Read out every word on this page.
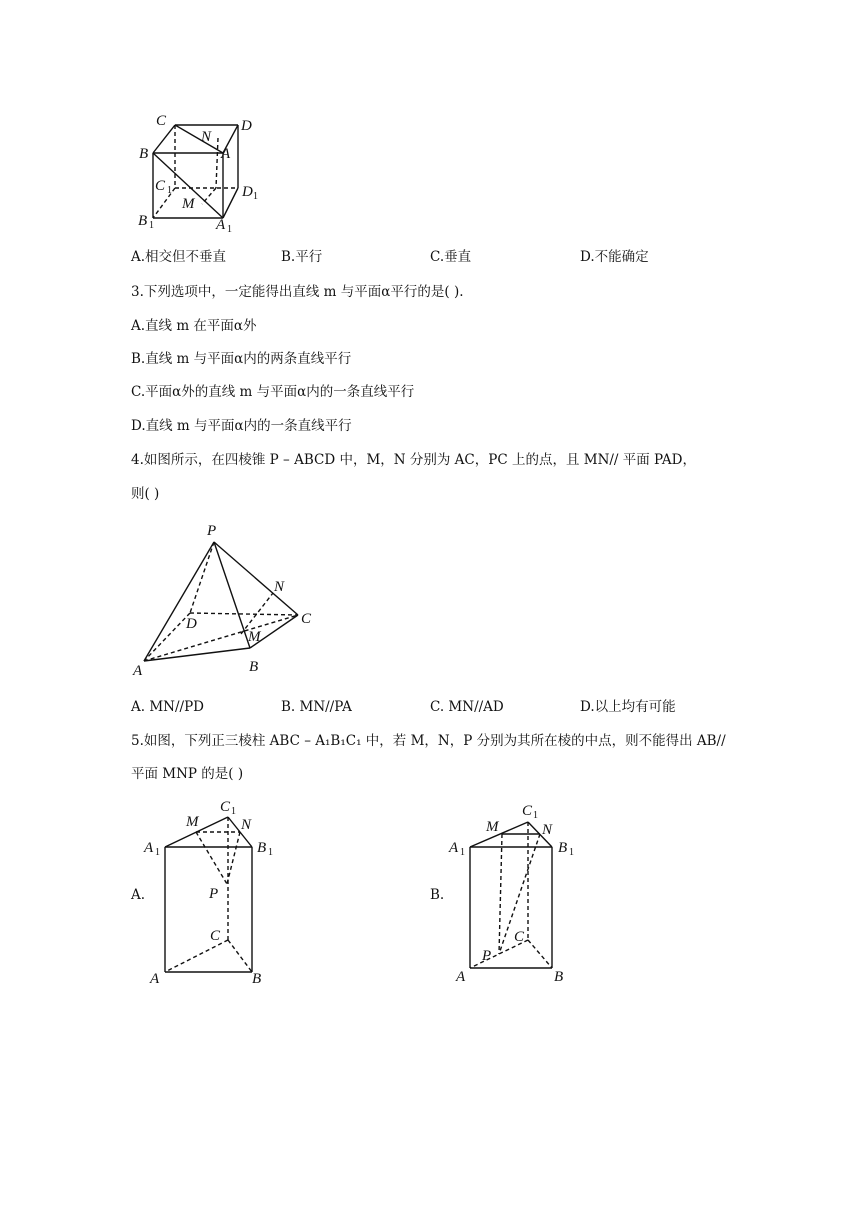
C
N
D
B	A
C 1	D 1
M
B 1	A 1
A.相交但不垂直	B.平行	C.垂直	D.不能确定
3.下列选项中，一定能得出直线 m 与平面α平行的是( ).
A.直线 m 在平面α外
B.直线 m 与平面α内的两条直线平行
C.平面α外的直线 m 与平面α内的一条直线平行
D.直线 m 与平面α内的一条直线平行
4.如图所示，在四棱锥 P – ABCD 中，M，N 分别为 AC，PC 上的点，且 MN// 平面 PAD，
则( )
P
N
D	C
M
A	B
A. MN//PD	B. MN//PA	C. MN//AD	D.以上均有可能
5.如图，下列正三棱柱 ABC – A₁B₁C₁ 中，若 M，N，P 分别为其所在棱的中点，则不能得出 AB//
平面 MNP 的是( )
A.
C 1
M	N
A 1	B 1
P
C
A	B
B.
C 1
M	N
A 1	B 1
P
C
A	B
